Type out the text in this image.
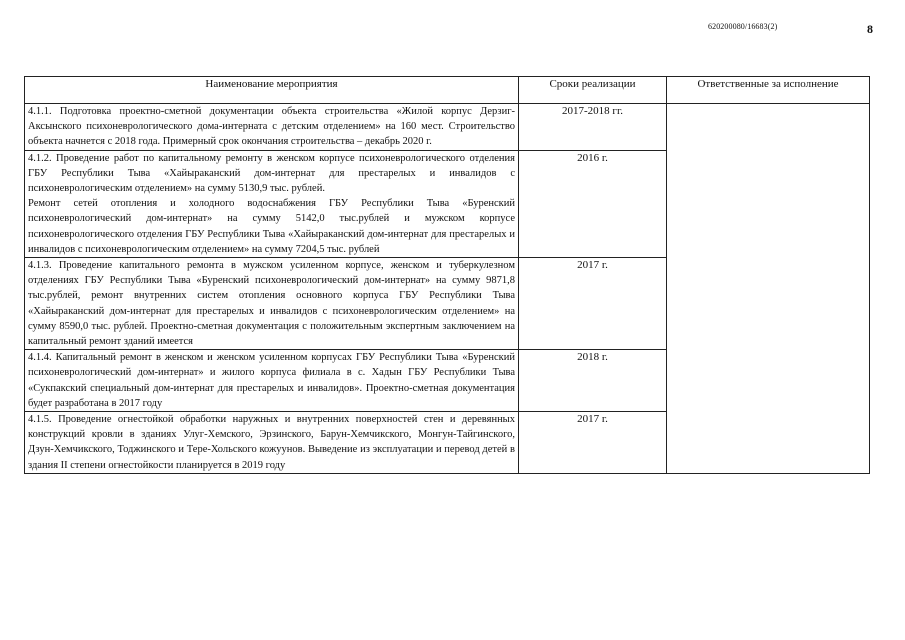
620200080/16683(2)	8
Наименование мероприятия	Сроки реализации	Ответственные за исполнение

4.1.1. Подготовка проектно-сметной документации объекта строительства «Жилой корпус Дерзиг-Аксынского психоневрологического дома-интерната с детским отделением» на 160 мест. Строительство объекта начнется с 2018 года. Примерный срок окончания строительства – декабрь 2020 г.	2017-2018 гг.	

4.1.2. Проведение работ по капитальному ремонту в женском корпусе психоневрологического отделения ГБУ Республики Тыва «Хайыраканский дом-интернат для престарелых и инвалидов с психоневрологическим отделением» на сумму 5130,9 тыс. рублей.
Ремонт сетей отопления и холодного водоснабжения ГБУ Республики Тыва «Буренский психоневрологический дом-интернат» на сумму 5142,0 тыс.рублей и мужском корпусе психоневрологического отделения ГБУ Республики Тыва «Хайыраканский дом-интернат для престарелых и инвалидов с психоневрологическим отделением» на сумму 7204,5 тыс. рублей	2016 г.	

4.1.3. Проведение капитального ремонта в мужском усиленном корпусе, женском и туберкулезном отделениях ГБУ Республики Тыва «Буренский психоневрологический дом-интернат» на сумму 9871,8 тыс.рублей, ремонт внутренних систем отопления основного корпуса ГБУ Республики Тыва «Хайыраканский дом-интернат для престарелых и инвалидов с психоневрологическим отделением» на сумму 8590,0 тыс. рублей. Проектно-сметная документация с положительным экспертным заключением на капитальный ремонт зданий имеется	2017 г.	

4.1.4. Капитальный ремонт в женском и женском усиленном корпусах ГБУ Республики Тыва «Буренский психоневрологический дом-интернат» и жилого корпуса филиала в с. Хадын ГБУ Республики Тыва «Сукпакский специальный дом-интернат для престарелых и инвалидов». Проектно-сметная документация будет разработана в 2017 году	2018 г.	

4.1.5. Проведение огнестойкой обработки наружных и внутренних поверхностей стен и деревянных конструкций кровли в зданиях Улуг-Хемского, Эрзинского, Барун-Хемчикского, Монгун-Тайгинского, Дзун-Хемчикского, Тоджинского и Тере-Хольского кожуунов. Выведение из эксплуатации и перевод детей в здания II степени огнестойкости планируется в 2019 году	2017 г.	
